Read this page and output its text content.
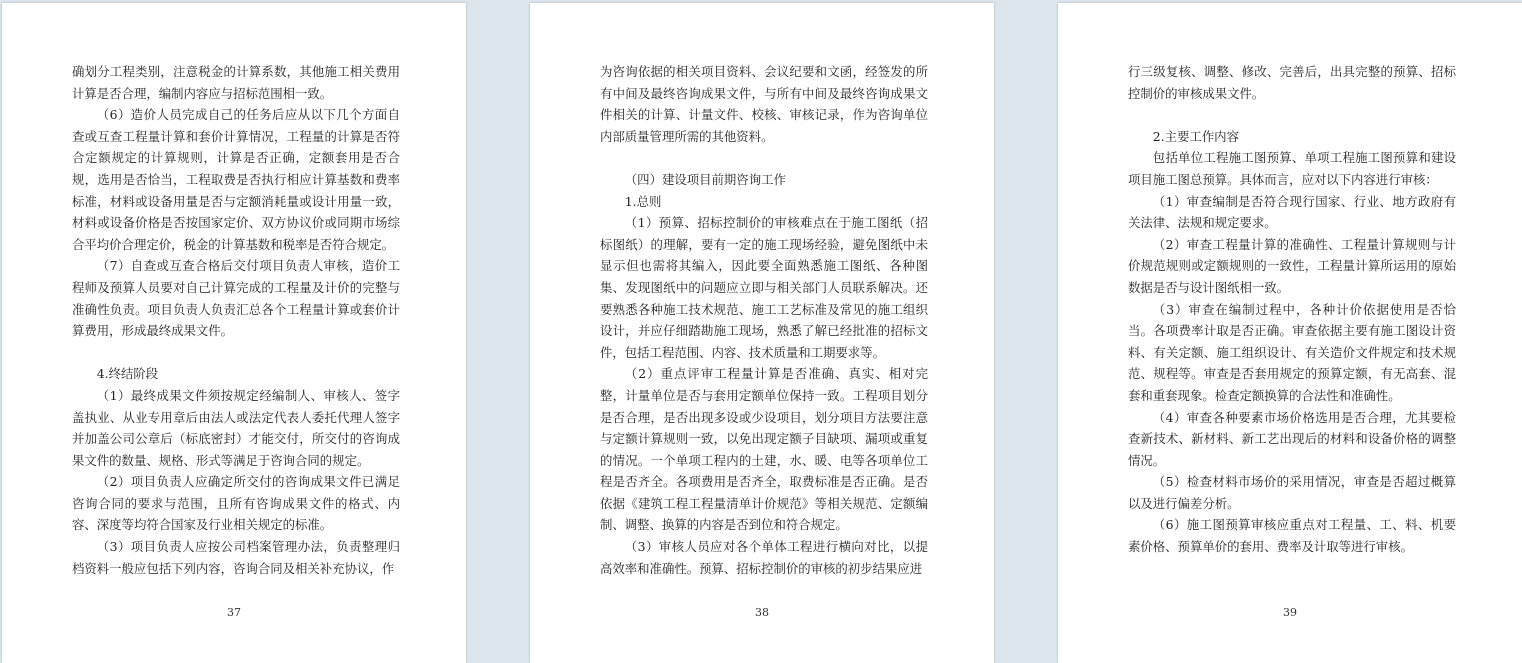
确划分工程类别，注意税金的计算系数，其他施工相关费用计算是否合理，编制内容应与招标范围相一致。

（6）造价人员完成自己的任务后应从以下几个方面自查或互查工程量计算和套价计算情况，工程量的计算是否符合定额规定的计算规则，计算是否正确，定额套用是否合规，选用是否恰当，工程取费是否执行相应计算基数和费率标准，材料或设备用量是否与定额消耗量或设计用量一致，材料或设备价格是否按国家定价、双方协议价或同期市场综合平均价合理定价，税金的计算基数和税率是否符合规定。

（7）自查或互查合格后交付项目负责人审核，造价工程师及预算人员要对自己计算完成的工程量及计价的完整与准确性负责。项目负责人负责汇总各个工程量计算或套价计算费用，形成最终成果文件。

4.终结阶段

（1）最终成果文件须按规定经编制人、审核人、签字盖执业、从业专用章后由法人或法定代表人委托代理人签字并加盖公司公章后（标底密封）才能交付，所交付的咨询成果文件的数量、规格、形式等满足于咨询合同的规定。

（2）项目负责人应确定所交付的咨询成果文件已满足咨询合同的要求与范围，且所有咨询成果文件的格式、内容、深度等均符合国家及行业相关规定的标准。

（3）项目负责人应按公司档案管理办法，负责整理归档资料一般应包括下列内容，咨询合同及相关补充协议，作

37

为咨询依据的相关项目资料、会议纪要和文函，经签发的所有中间及最终咨询成果文件，与所有中间及最终咨询成果文件相关的计算、计量文件、校核、审核记录，作为咨询单位内部质量管理所需的其他资料。

（四）建设项目前期咨询工作

1.总则

（1）预算、招标控制价的审核难点在于施工图纸（招标图纸）的理解，要有一定的施工现场经验，避免图纸中未显示但也需将其编入，因此要全面熟悉施工图纸、各种图集、发现图纸中的问题应立即与相关部门人员联系解决。还要熟悉各种施工技术规范、施工工艺标准及常见的施工组织设计，并应仔细踏勘施工现场，熟悉了解已经批准的招标文件，包括工程范围、内容、技术质量和工期要求等。

（2）重点评审工程量计算是否准确、真实、相对完整，计量单位是否与套用定额单位保持一致。工程项目划分是否合理，是否出现多设或少设项目，划分项目方法要注意与定额计算规则一致，以免出现定额子目缺项、漏项或重复的情况。一个单项工程内的土建，水、暖、电等各项单位工程是否齐全。各项费用是否齐全，取费标准是否正确。是否依据《建筑工程工程量清单计价规范》等相关规范、定额编制、调整、换算的内容是否到位和符合规定。

（3）审核人员应对各个单体工程进行横向对比，以提高效率和准确性。预算、招标控制价的审核的初步结果应进

38

行三级复核、调整、修改、完善后，出具完整的预算、招标控制价的审核成果文件。

2.主要工作内容

包括单位工程施工图预算、单项工程施工图预算和建设项目施工图总预算。具体而言，应对以下内容进行审核：

（1）审查编制是否符合现行国家、行业、地方政府有关法律、法规和规定要求。

（2）审查工程量计算的准确性、工程量计算规则与计价规范规则或定额规则的一致性，工程量计算所运用的原始数据是否与设计图纸相一致。

（3）审查在编制过程中，各种计价依据使用是否恰当。各项费率计取是否正确。审查依据主要有施工图设计资料、有关定额、施工组织设计、有关造价文件规定和技术规范、规程等。审查是否套用规定的预算定额，有无高套、混套和重套现象。检查定额换算的合法性和准确性。

（4）审查各种要素市场价格选用是否合理，尤其要检查新技术、新材料、新工艺出现后的材料和设备价格的调整情况。

（5）检查材料市场价的采用情况，审查是否超过概算以及进行偏差分析。

（6）施工图预算审核应重点对工程量、工、料、机要素价格、预算单价的套用、费率及计取等进行审核。

39
